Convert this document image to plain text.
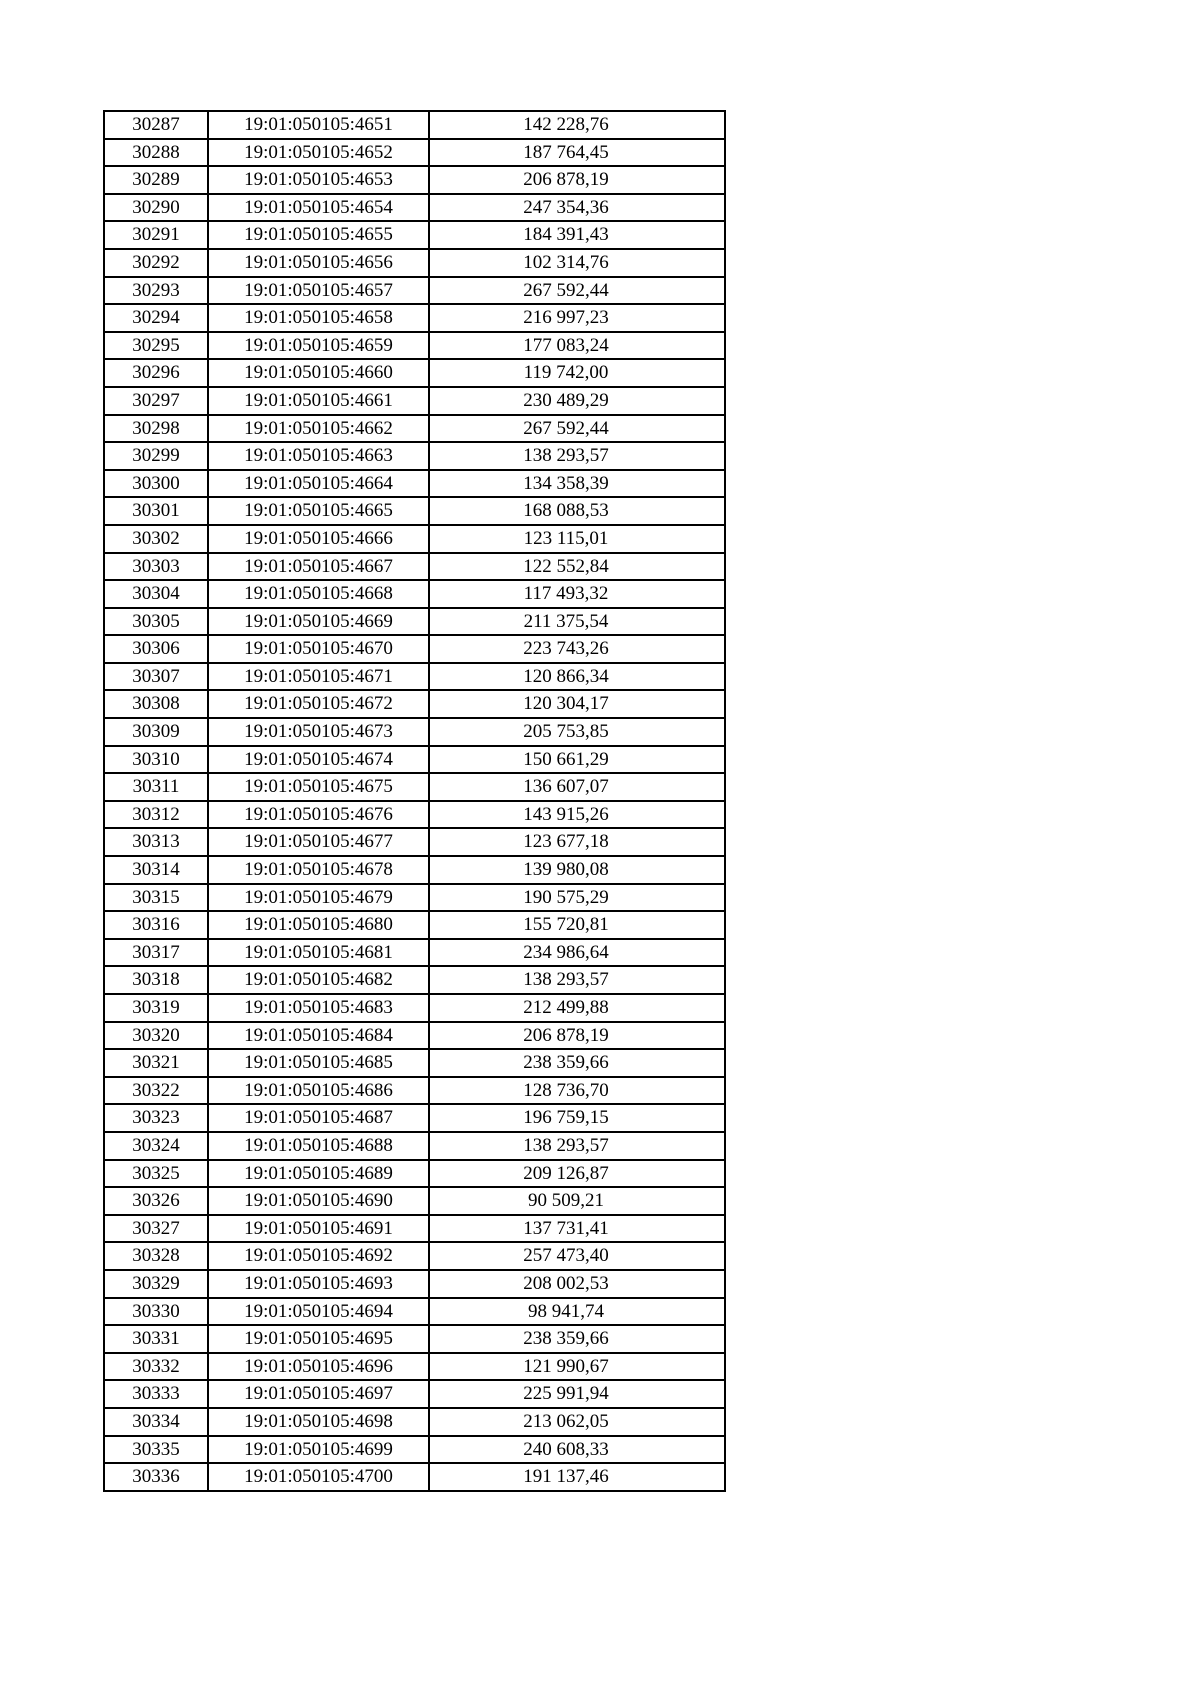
30287	19:01:050105:4651	142 228,76
30288	19:01:050105:4652	187 764,45
30289	19:01:050105:4653	206 878,19
30290	19:01:050105:4654	247 354,36
30291	19:01:050105:4655	184 391,43
30292	19:01:050105:4656	102 314,76
30293	19:01:050105:4657	267 592,44
30294	19:01:050105:4658	216 997,23
30295	19:01:050105:4659	177 083,24
30296	19:01:050105:4660	119 742,00
30297	19:01:050105:4661	230 489,29
30298	19:01:050105:4662	267 592,44
30299	19:01:050105:4663	138 293,57
30300	19:01:050105:4664	134 358,39
30301	19:01:050105:4665	168 088,53
30302	19:01:050105:4666	123 115,01
30303	19:01:050105:4667	122 552,84
30304	19:01:050105:4668	117 493,32
30305	19:01:050105:4669	211 375,54
30306	19:01:050105:4670	223 743,26
30307	19:01:050105:4671	120 866,34
30308	19:01:050105:4672	120 304,17
30309	19:01:050105:4673	205 753,85
30310	19:01:050105:4674	150 661,29
30311	19:01:050105:4675	136 607,07
30312	19:01:050105:4676	143 915,26
30313	19:01:050105:4677	123 677,18
30314	19:01:050105:4678	139 980,08
30315	19:01:050105:4679	190 575,29
30316	19:01:050105:4680	155 720,81
30317	19:01:050105:4681	234 986,64
30318	19:01:050105:4682	138 293,57
30319	19:01:050105:4683	212 499,88
30320	19:01:050105:4684	206 878,19
30321	19:01:050105:4685	238 359,66
30322	19:01:050105:4686	128 736,70
30323	19:01:050105:4687	196 759,15
30324	19:01:050105:4688	138 293,57
30325	19:01:050105:4689	209 126,87
30326	19:01:050105:4690	90 509,21
30327	19:01:050105:4691	137 731,41
30328	19:01:050105:4692	257 473,40
30329	19:01:050105:4693	208 002,53
30330	19:01:050105:4694	98 941,74
30331	19:01:050105:4695	238 359,66
30332	19:01:050105:4696	121 990,67
30333	19:01:050105:4697	225 991,94
30334	19:01:050105:4698	213 062,05
30335	19:01:050105:4699	240 608,33
30336	19:01:050105:4700	191 137,46
